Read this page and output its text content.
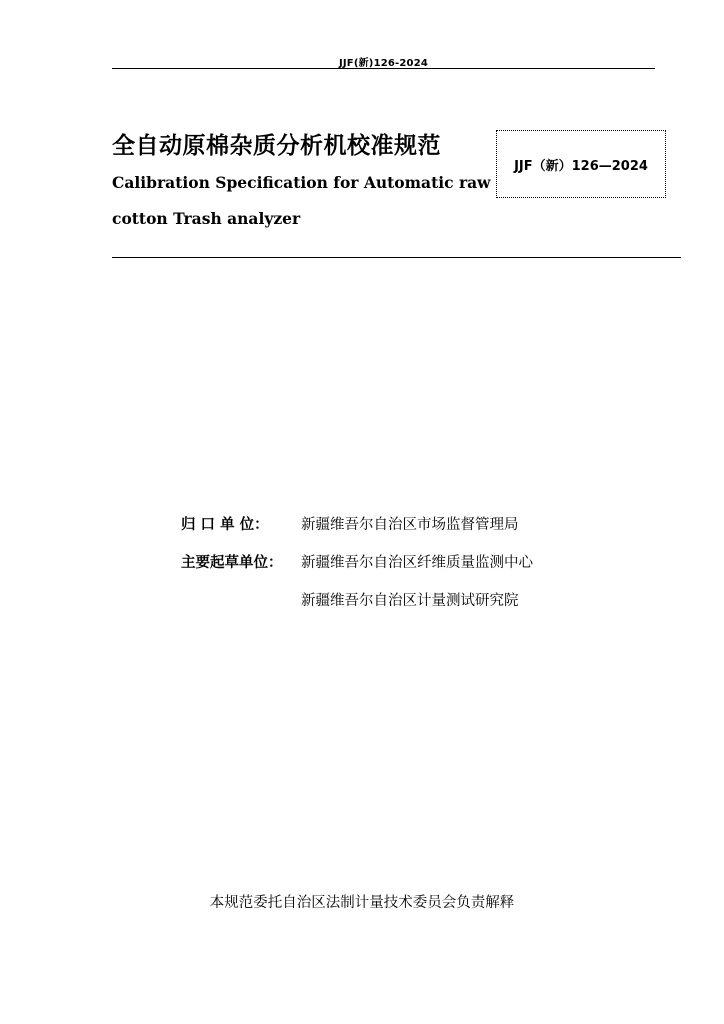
JJF(新)126-2024
全自动原棉杂质分析机校准规范
Calibration Specification for Automatic raw
cotton Trash analyzer
JJF（新）126—2024
归 口 单 位：	新疆维吾尔自治区市场监督管理局
主要起草单位：	新疆维吾尔自治区纤维质量监测中心
新疆维吾尔自治区计量测试研究院
本规范委托自治区法制计量技术委员会负责解释
